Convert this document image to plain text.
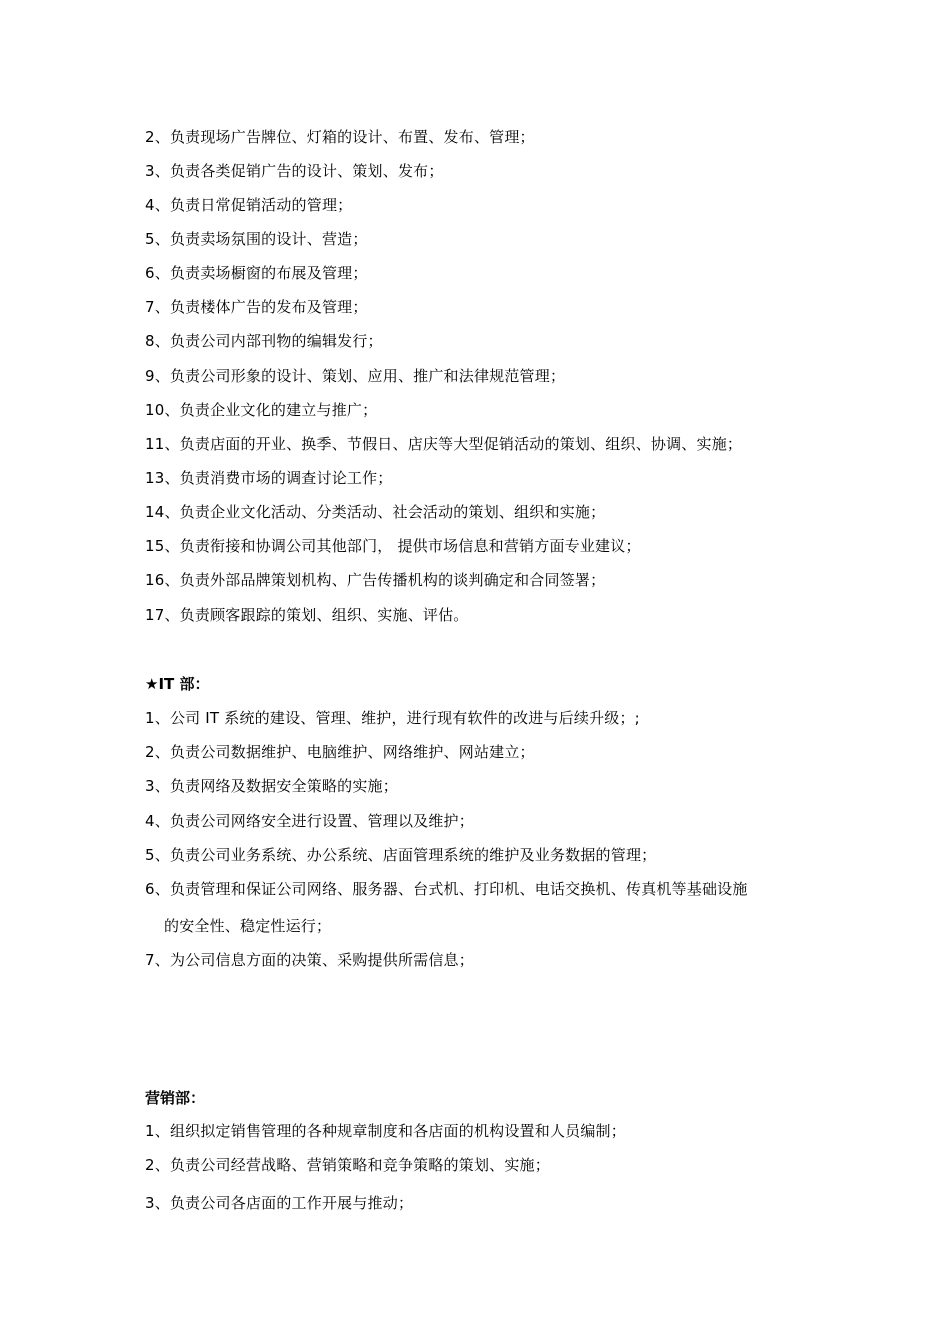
2、负责现场广告牌位、灯箱的设计、布置、发布、管理；
3、负责各类促销广告的设计、策划、发布；
4、负责日常促销活动的管理；
5、负责卖场氛围的设计、营造；
6、负责卖场橱窗的布展及管理；
7、负责楼体广告的发布及管理；
8、负责公司内部刊物的编辑发行；
9、负责公司形象的设计、策划、应用、推广和法律规范管理；
10、负责企业文化的建立与推广；
11、负责店面的开业、换季、节假日、店庆等大型促销活动的策划、组织、协调、实施；
13、负责消费市场的调查讨论工作；
14、负责企业文化活动、分类活动、社会活动的策划、组织和实施；
15、负责衔接和协调公司其他部门， 提供市场信息和营销方面专业建议；
16、负责外部品牌策划机构、广告传播机构的谈判确定和合同签署；
17、负责顾客跟踪的策划、组织、实施、评估。
★IT 部：
1、公司 IT 系统的建设、管理、维护，进行现有软件的改进与后续升级；;
2、负责公司数据维护、电脑维护、网络维护、网站建立；
3、负责网络及数据安全策略的实施；
4、负责公司网络安全进行设置、管理以及维护；
5、负责公司业务系统、办公系统、店面管理系统的维护及业务数据的管理；
6、负责管理和保证公司网络、服务器、台式机、打印机、电话交换机、传真机等基础设施
的安全性、稳定性运行；
7、为公司信息方面的决策、采购提供所需信息；
营销部：
1、组织拟定销售管理的各种规章制度和各店面的机构设置和人员编制；
2、负责公司经营战略、营销策略和竞争策略的策划、实施；
3、负责公司各店面的工作开展与推动；
